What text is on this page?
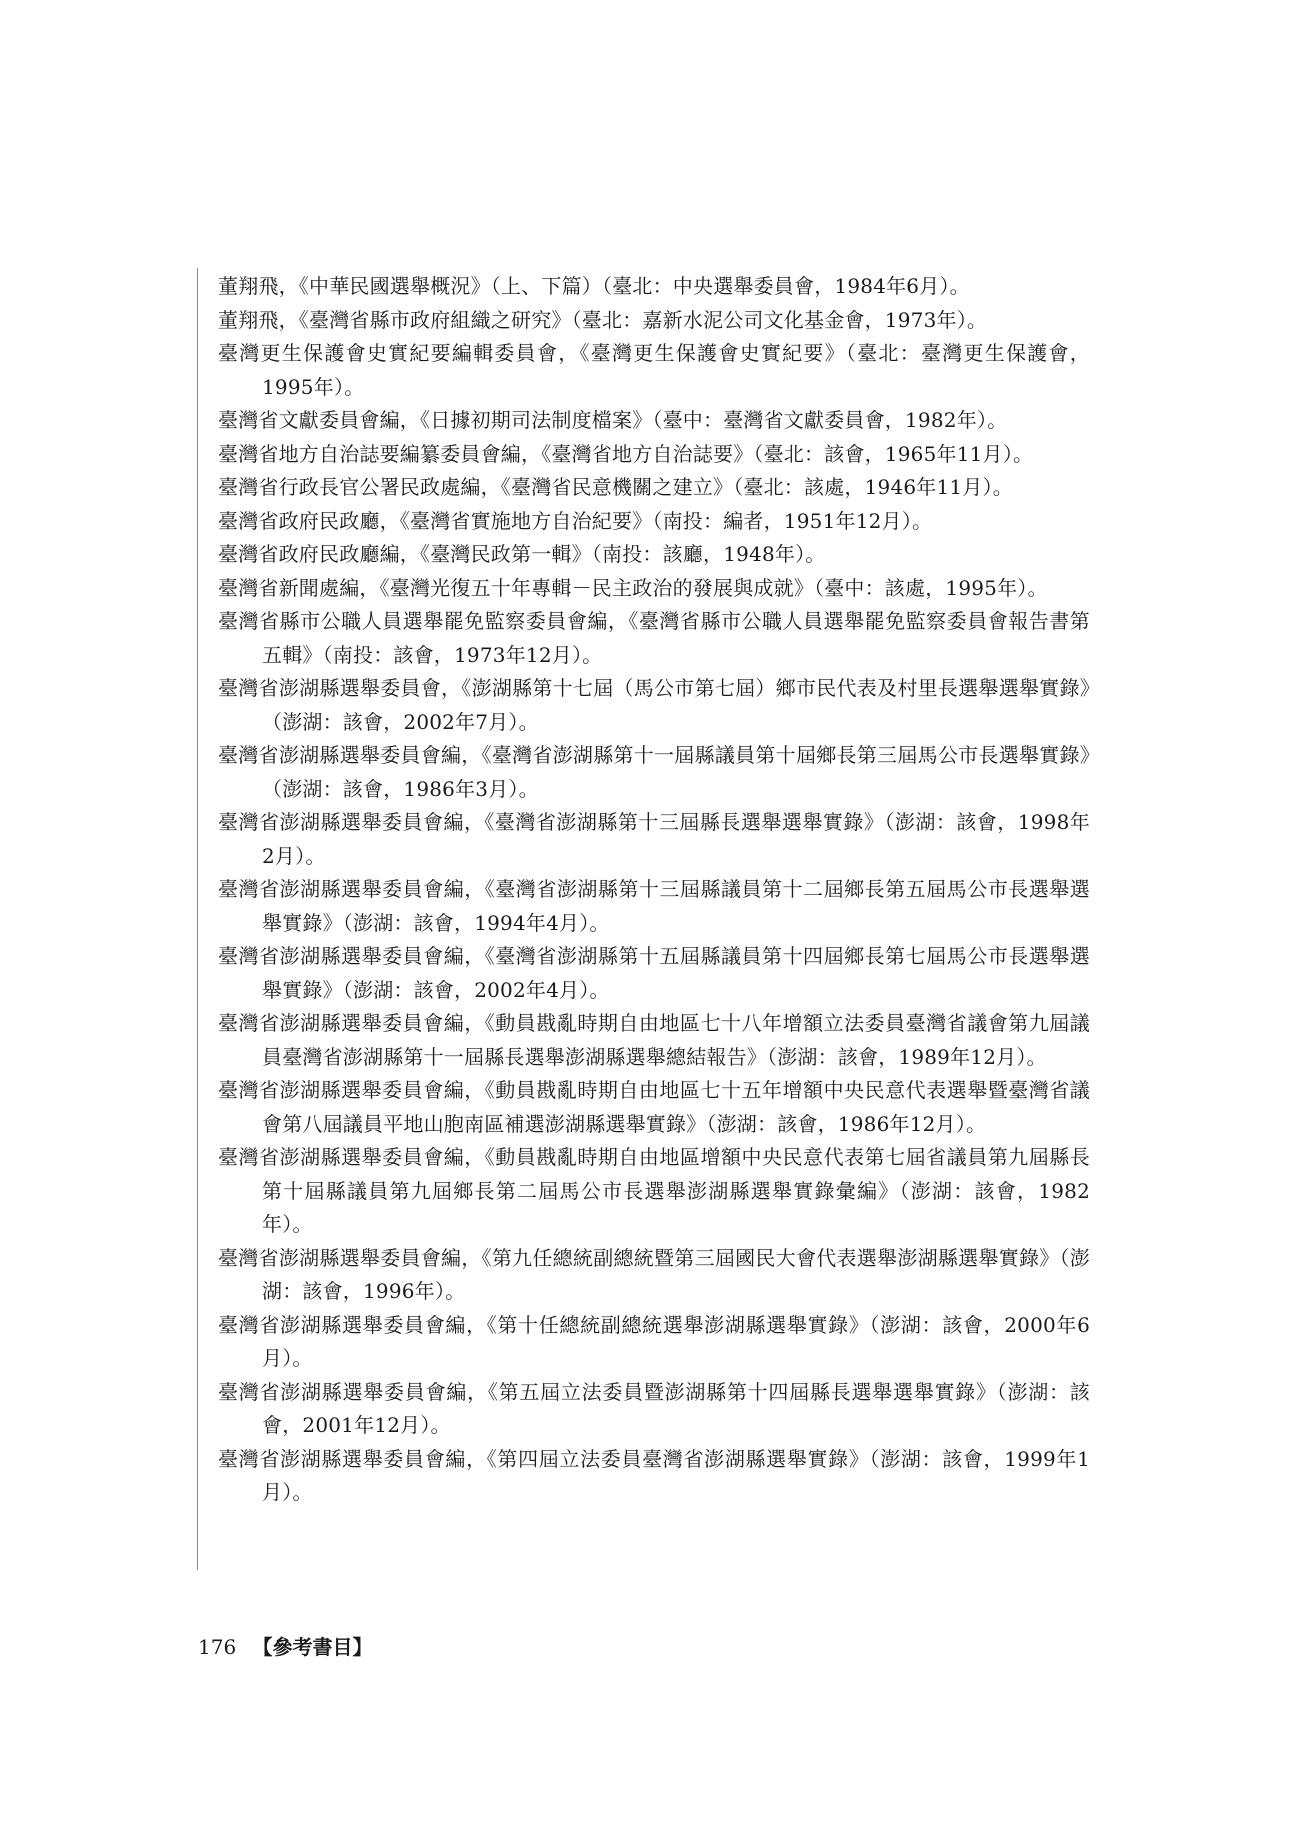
董翔飛，《中華民國選舉概況》（上、下篇）（臺北：中央選舉委員會，1984年6月）。
董翔飛，《臺灣省縣市政府組織之研究》（臺北：嘉新水泥公司文化基金會，1973年）。
臺灣更生保護會史實紀要編輯委員會，《臺灣更生保護會史實紀要》（臺北：臺灣更生保護會，1995年）。
臺灣省文獻委員會編，《日據初期司法制度檔案》（臺中：臺灣省文獻委員會，1982年）。
臺灣省地方自治誌要編纂委員會編，《臺灣省地方自治誌要》（臺北：該會，1965年11月）。
臺灣省行政長官公署民政處編，《臺灣省民意機關之建立》（臺北：該處，1946年11月）。
臺灣省政府民政廳，《臺灣省實施地方自治紀要》（南投：編者，1951年12月）。
臺灣省政府民政廳編，《臺灣民政第一輯》（南投：該廳，1948年）。
臺灣省新聞處編，《臺灣光復五十年專輯－民主政治的發展與成就》（臺中：該處，1995年）。
臺灣省縣市公職人員選舉罷免監察委員會編，《臺灣省縣市公職人員選舉罷免監察委員會報告書第五輯》（南投：該會，1973年12月）。
臺灣省澎湖縣選舉委員會，《澎湖縣第十七屆（馬公市第七屆）鄉市民代表及村里長選舉選舉實錄》（澎湖：該會，2002年7月）。
臺灣省澎湖縣選舉委員會編，《臺灣省澎湖縣第十一屆縣議員第十屆鄉長第三屆馬公市長選舉實錄》（澎湖：該會，1986年3月）。
臺灣省澎湖縣選舉委員會編，《臺灣省澎湖縣第十三屆縣長選舉選舉實錄》（澎湖：該會，1998年2月）。
臺灣省澎湖縣選舉委員會編，《臺灣省澎湖縣第十三屆縣議員第十二屆鄉長第五屆馬公市長選舉選舉實錄》（澎湖：該會，1994年4月）。
臺灣省澎湖縣選舉委員會編，《臺灣省澎湖縣第十五屆縣議員第十四屆鄉長第七屆馬公市長選舉選舉實錄》（澎湖：該會，2002年4月）。
臺灣省澎湖縣選舉委員會編，《動員戡亂時期自由地區七十八年增額立法委員臺灣省議會第九屆議員臺灣省澎湖縣第十一屆縣長選舉澎湖縣選舉總結報告》（澎湖：該會，1989年12月）。
臺灣省澎湖縣選舉委員會編，《動員戡亂時期自由地區七十五年增額中央民意代表選舉暨臺灣省議會第八屆議員平地山胞南區補選澎湖縣選舉實錄》（澎湖：該會，1986年12月）。
臺灣省澎湖縣選舉委員會編，《動員戡亂時期自由地區增額中央民意代表第七屆省議員第九屆縣長第十屆縣議員第九屆鄉長第二屆馬公市長選舉澎湖縣選舉實錄彙編》（澎湖：該會，1982年）。
臺灣省澎湖縣選舉委員會編，《第九任總統副總統暨第三屆國民大會代表選舉澎湖縣選舉實錄》（澎湖：該會，1996年）。
臺灣省澎湖縣選舉委員會編，《第十任總統副總統選舉澎湖縣選舉實錄》（澎湖：該會，2000年6月）。
臺灣省澎湖縣選舉委員會編，《第五屆立法委員暨澎湖縣第十四屆縣長選舉選舉實錄》（澎湖：該會，2001年12月）。
臺灣省澎湖縣選舉委員會編，《第四屆立法委員臺灣省澎湖縣選舉實錄》（澎湖：該會，1999年1月）。
176 【參考書目】
